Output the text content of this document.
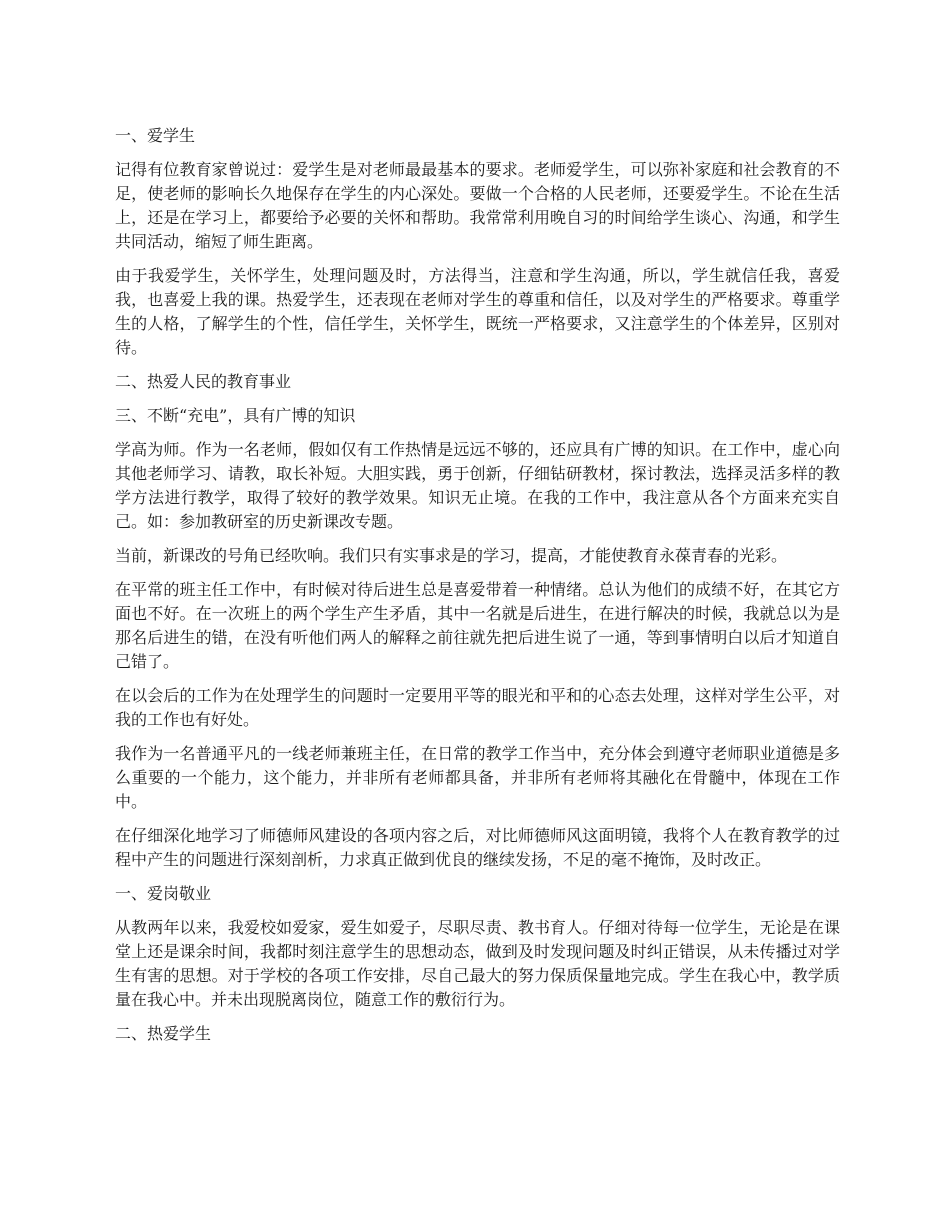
一、爱学生

记得有位教育家曾说过：爱学生是对老师最最基本的要求。老师爱学生，可以弥补家庭和社会教育的不足，使老师的影响长久地保存在学生的内心深处。要做一个合格的人民老师，还要爱学生。不论在生活上，还是在学习上，都要给予必要的关怀和帮助。我常常利用晚自习的时间给学生谈心、沟通，和学生共同活动，缩短了师生距离。

由于我爱学生，关怀学生，处理问题及时，方法得当，注意和学生沟通，所以，学生就信任我，喜爱我，也喜爱上我的课。热爱学生，还表现在老师对学生的尊重和信任，以及对学生的严格要求。尊重学生的人格，了解学生的个性，信任学生，关怀学生，既统一严格要求，又注意学生的个体差异，区别对待。

二、热爱人民的教育事业

三、不断“充电”，具有广博的知识

学高为师。作为一名老师，假如仅有工作热情是远远不够的，还应具有广博的知识。在工作中，虚心向其他老师学习、请教，取长补短。大胆实践，勇于创新，仔细钻研教材，探讨教法，选择灵活多样的教学方法进行教学，取得了较好的教学效果。知识无止境。在我的工作中，我注意从各个方面来充实自己。如：参加教研室的历史新课改专题。

当前，新课改的号角已经吹响。我们只有实事求是的学习，提高，才能使教育永葆青春的光彩。

在平常的班主任工作中，有时候对待后进生总是喜爱带着一种情绪。总认为他们的成绩不好，在其它方面也不好。在一次班上的两个学生产生矛盾，其中一名就是后进生，在进行解决的时候，我就总以为是那名后进生的错，在没有听他们两人的解释之前往就先把后进生说了一通，等到事情明白以后才知道自己错了。

在以会后的工作为在处理学生的问题时一定要用平等的眼光和平和的心态去处理，这样对学生公平，对我的工作也有好处。

我作为一名普通平凡的一线老师兼班主任，在日常的教学工作当中，充分体会到遵守老师职业道德是多么重要的一个能力，这个能力，并非所有老师都具备，并非所有老师将其融化在骨髓中，体现在工作中。

在仔细深化地学习了师德师风建设的各项内容之后，对比师德师风这面明镜，我将个人在教育教学的过程中产生的问题进行深刻剖析，力求真正做到优良的继续发扬，不足的毫不掩饰，及时改正。

一、爱岗敬业

从教两年以来，我爱校如爱家，爱生如爱子，尽职尽责、教书育人。仔细对待每一位学生，无论是在课堂上还是课余时间，我都时刻注意学生的思想动态，做到及时发现问题及时纠正错误，从未传播过对学生有害的思想。对于学校的各项工作安排，尽自己最大的努力保质保量地完成。学生在我心中，教学质量在我心中。并未出现脱离岗位，随意工作的敷衍行为。

二、热爱学生
